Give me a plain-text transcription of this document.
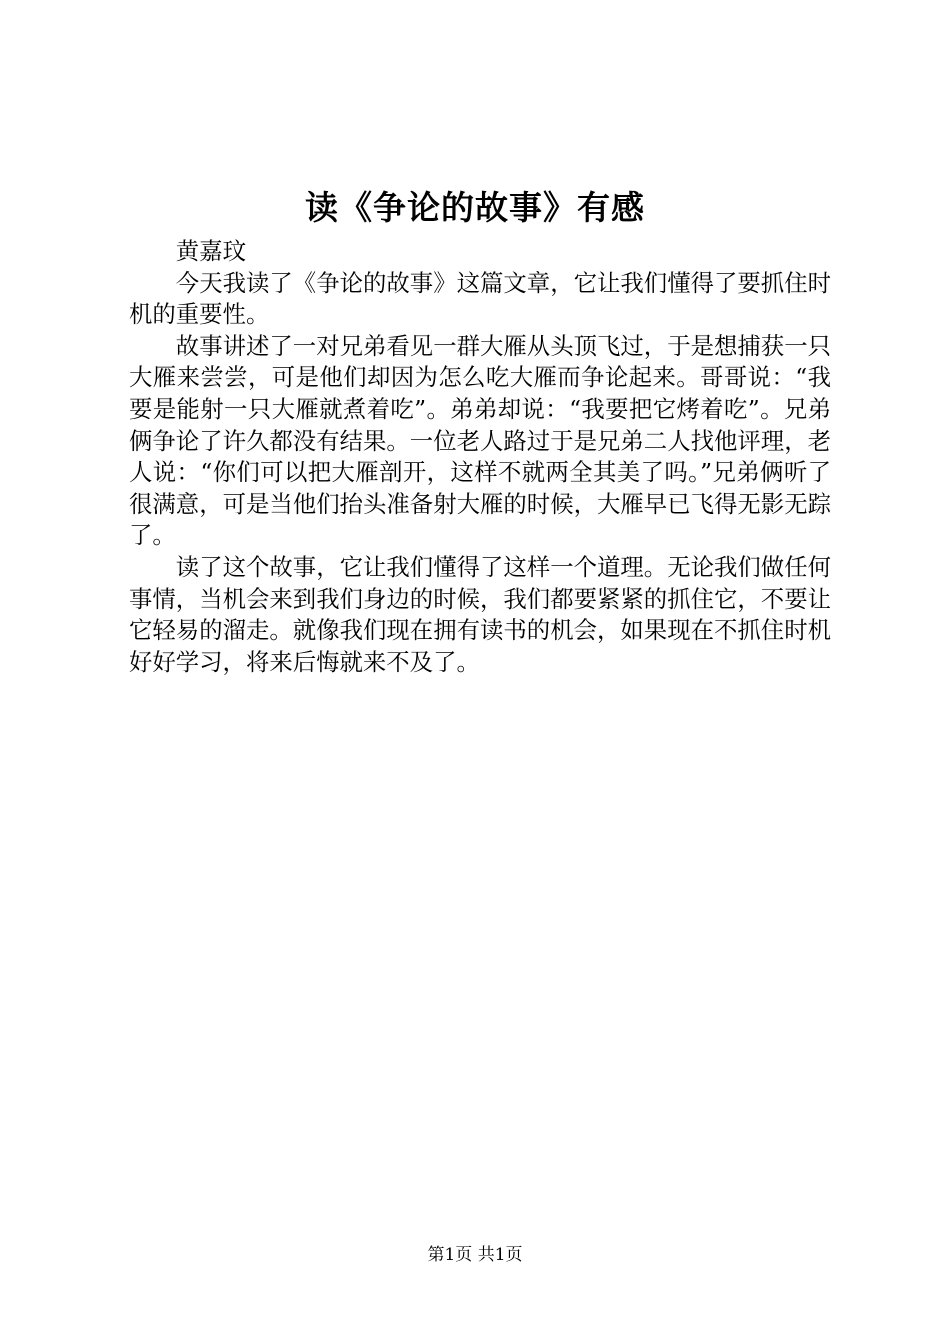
读《争论的故事》有感

黄嘉玟

今天我读了《争论的故事》这篇文章，它让我们懂得了要抓住时机的重要性。

故事讲述了一对兄弟看见一群大雁从头顶飞过，于是想捕获一只大雁来尝尝，可是他们却因为怎么吃大雁而争论起来。哥哥说：“我要是能射一只大雁就煮着吃”。弟弟却说：“我要把它烤着吃”。兄弟俩争论了许久都没有结果。一位老人路过于是兄弟二人找他评理，老人说：“你们可以把大雁剖开，这样不就两全其美了吗。”兄弟俩听了很满意，可是当他们抬头准备射大雁的时候，大雁早已飞得无影无踪了。

读了这个故事，它让我们懂得了这样一个道理。无论我们做任何事情，当机会来到我们身边的时候，我们都要紧紧的抓住它，不要让它轻易的溜走。就像我们现在拥有读书的机会，如果现在不抓住时机好好学习，将来后悔就来不及了。

第1页 共1页
